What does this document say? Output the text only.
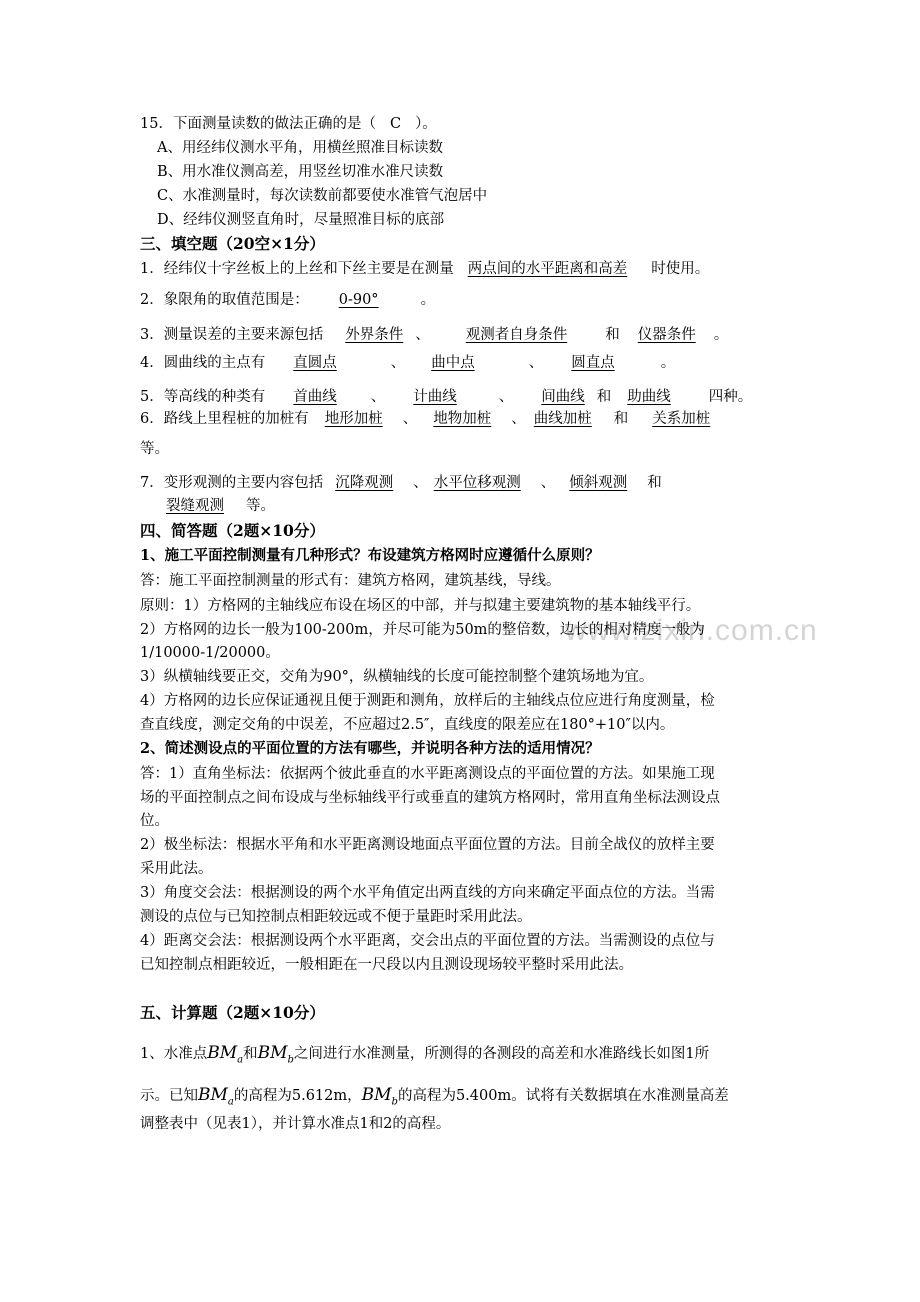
www.zixin.com.cn
15．下面测量读数的做法正确的是（ C ）。
A、用经纬仪测水平角，用横丝照准目标读数
B、用水准仪测高差，用竖丝切准水准尺读数
C、水准测量时，每次读数前都要使水准管气泡居中
D、经纬仪测竖直角时，尽量照准目标的底部
三、填空题（20空×1分）
1．经纬仪十字丝板上的上丝和下丝主要是在测量 两点间的水平距离和高差 时使用。
2．象限角的取值范围是： 0-90°	。
3．测量误差的主要来源包括 外界条件 、 观测者自身条件	和 仪器条件 。
4．圆曲线的主点有 直圆点	、 曲中点	、 圆直点	。
5．等高线的种类有 首曲线 、 计曲线	、 间曲线 和 助曲线	四种。
6．路线上里程桩的加桩有 地形加桩 、 地物加桩 、 曲线加桩 和 关系加桩
等。
7．变形观测的主要内容包括 沉降观测 、 水平位移观测 、 倾斜观测 和
裂缝观测 等。
四、简答题（2题×10分）
1、施工平面控制测量有几种形式？布设建筑方格网时应遵循什么原则？
答：施工平面控制测量的形式有：建筑方格网，建筑基线，导线。
原则：1）方格网的主轴线应布设在场区的中部，并与拟建主要建筑物的基本轴线平行。
2）方格网的边长一般为100-200m，并尽可能为50m的整倍数，边长的相对精度一般为
1/10000-1/20000。
3）纵横轴线要正交，交角为90°，纵横轴线的长度可能控制整个建筑场地为宜。
4）方格网的边长应保证通视且便于测距和测角，放样后的主轴线点位应进行角度测量，检
查直线度，测定交角的中误差，不应超过2.5″，直线度的限差应在180°+10″以内。
2、简述测设点的平面位置的方法有哪些，并说明各种方法的适用情况？
答：1）直角坐标法：依据两个彼此垂直的水平距离测设点的平面位置的方法。如果施工现
场的平面控制点之间布设成与坐标轴线平行或垂直的建筑方格网时，常用直角坐标法测设点
位。
2）极坐标法：根据水平角和水平距离测设地面点平面位置的方法。目前全战仪的放样主要
采用此法。
3）角度交会法：根据测设的两个水平角值定出两直线的方向来确定平面点位的方法。当需
测设的点位与已知控制点相距较远或不便于量距时采用此法。
4）距离交会法：根据测设两个水平距离，交会出点的平面位置的方法。当需测设的点位与
已知控制点相距较近，一般相距在一尺段以内且测设现场较平整时采用此法。
五、计算题（2题×10分）
1、水准点$BM_a$和$BM_b$之间进行水准测量，所测得的各测段的高差和水准路线长如图1所
示。已知$BM_a$的高程为5.612m，$BM_b$的高程为5.400m。试将有关数据填在水准测量高差
调整表中（见表1），并计算水准点1和2的高程。
